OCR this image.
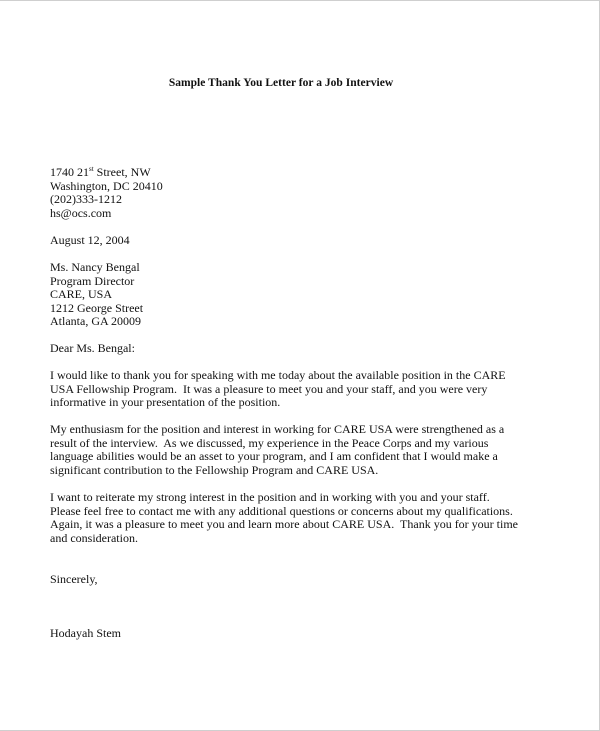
Sample Thank You Letter for a Job Interview
1740 21st Street, NW
Washington, DC 20410
(202)333-1212
hs@ocs.com
August 12, 2004
Ms. Nancy Bengal
Program Director
CARE, USA
1212 George Street
Atlanta, GA 20009
Dear Ms. Bengal:
I would like to thank you for speaking with me today about the available position in the CARE
USA Fellowship Program.  It was a pleasure to meet you and your staff, and you were very
informative in your presentation of the position.
My enthusiasm for the position and interest in working for CARE USA were strengthened as a
result of the interview.  As we discussed, my experience in the Peace Corps and my various
language abilities would be an asset to your program, and I am confident that I would make a
significant contribution to the Fellowship Program and CARE USA.
I want to reiterate my strong interest in the position and in working with you and your staff.
Please feel free to contact me with any additional questions or concerns about my qualifications.
Again, it was a pleasure to meet you and learn more about CARE USA.  Thank you for your time
and consideration.
Sincerely,
Hodayah Stem
